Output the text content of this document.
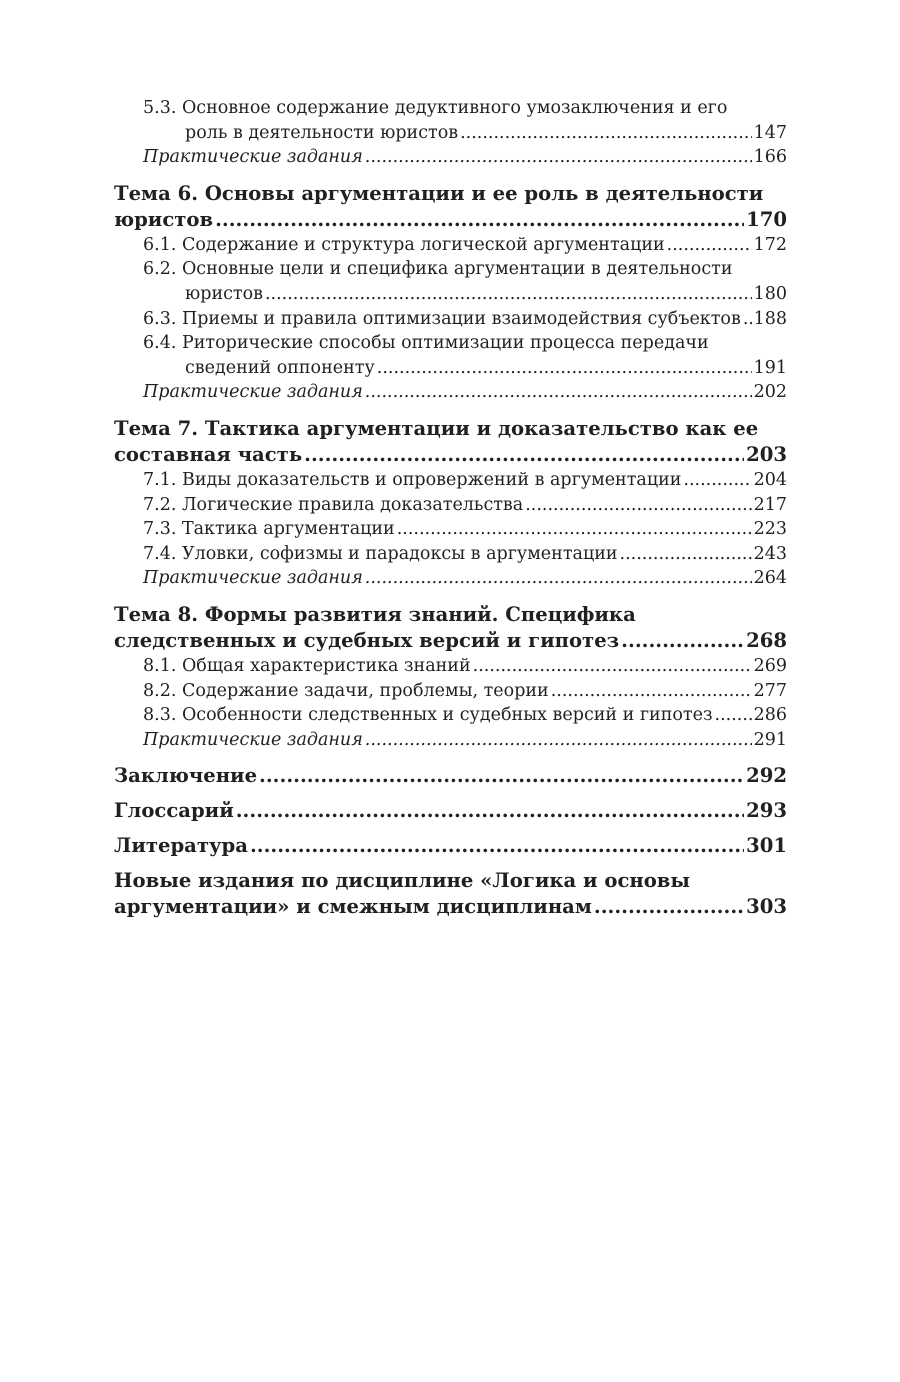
5.3. Основное содержание дедуктивного умозаключения и его
роль в деятельности юристов .....	147
Практические задания .....	166
Тема 6. Основы аргументации и ее роль в деятельности
юристов .....	170
6.1. Содержание и структура логической аргументации .....	172
6.2. Основные цели и специфика аргументации в деятельности
юристов .....	180
6.3. Приемы и правила оптимизации взаимодействия субъектов ..... 188
6.4. Риторические способы оптимизации процесса передачи
сведений оппоненту .....	191
Практические задания .....	202
Тема 7. Тактика аргументации и доказательство как ее
составная часть .....	203
7.1. Виды доказательств и опровержений в аргументации .....	204
7.2. Логические правила доказательства .....	217
7.3. Тактика аргументации .....	223
7.4. Уловки, софизмы и парадоксы в аргументации .....	243
Практические задания .....	264
Тема 8. Формы развития знаний. Специфика
следственных и судебных версий и гипотез .....	268
8.1. Общая характеристика знаний .....	269
8.2. Содержание задачи, проблемы, теории .....	277
8.3. Особенности следственных и судебных версий и гипотез ..... 286
Практические задания .....	291
Заключение .....	292
Глоссарий .....	293
Литература .....	301
Новые издания по дисциплине «Логика и основы
аргументации» и смежным дисциплинам .....	303
